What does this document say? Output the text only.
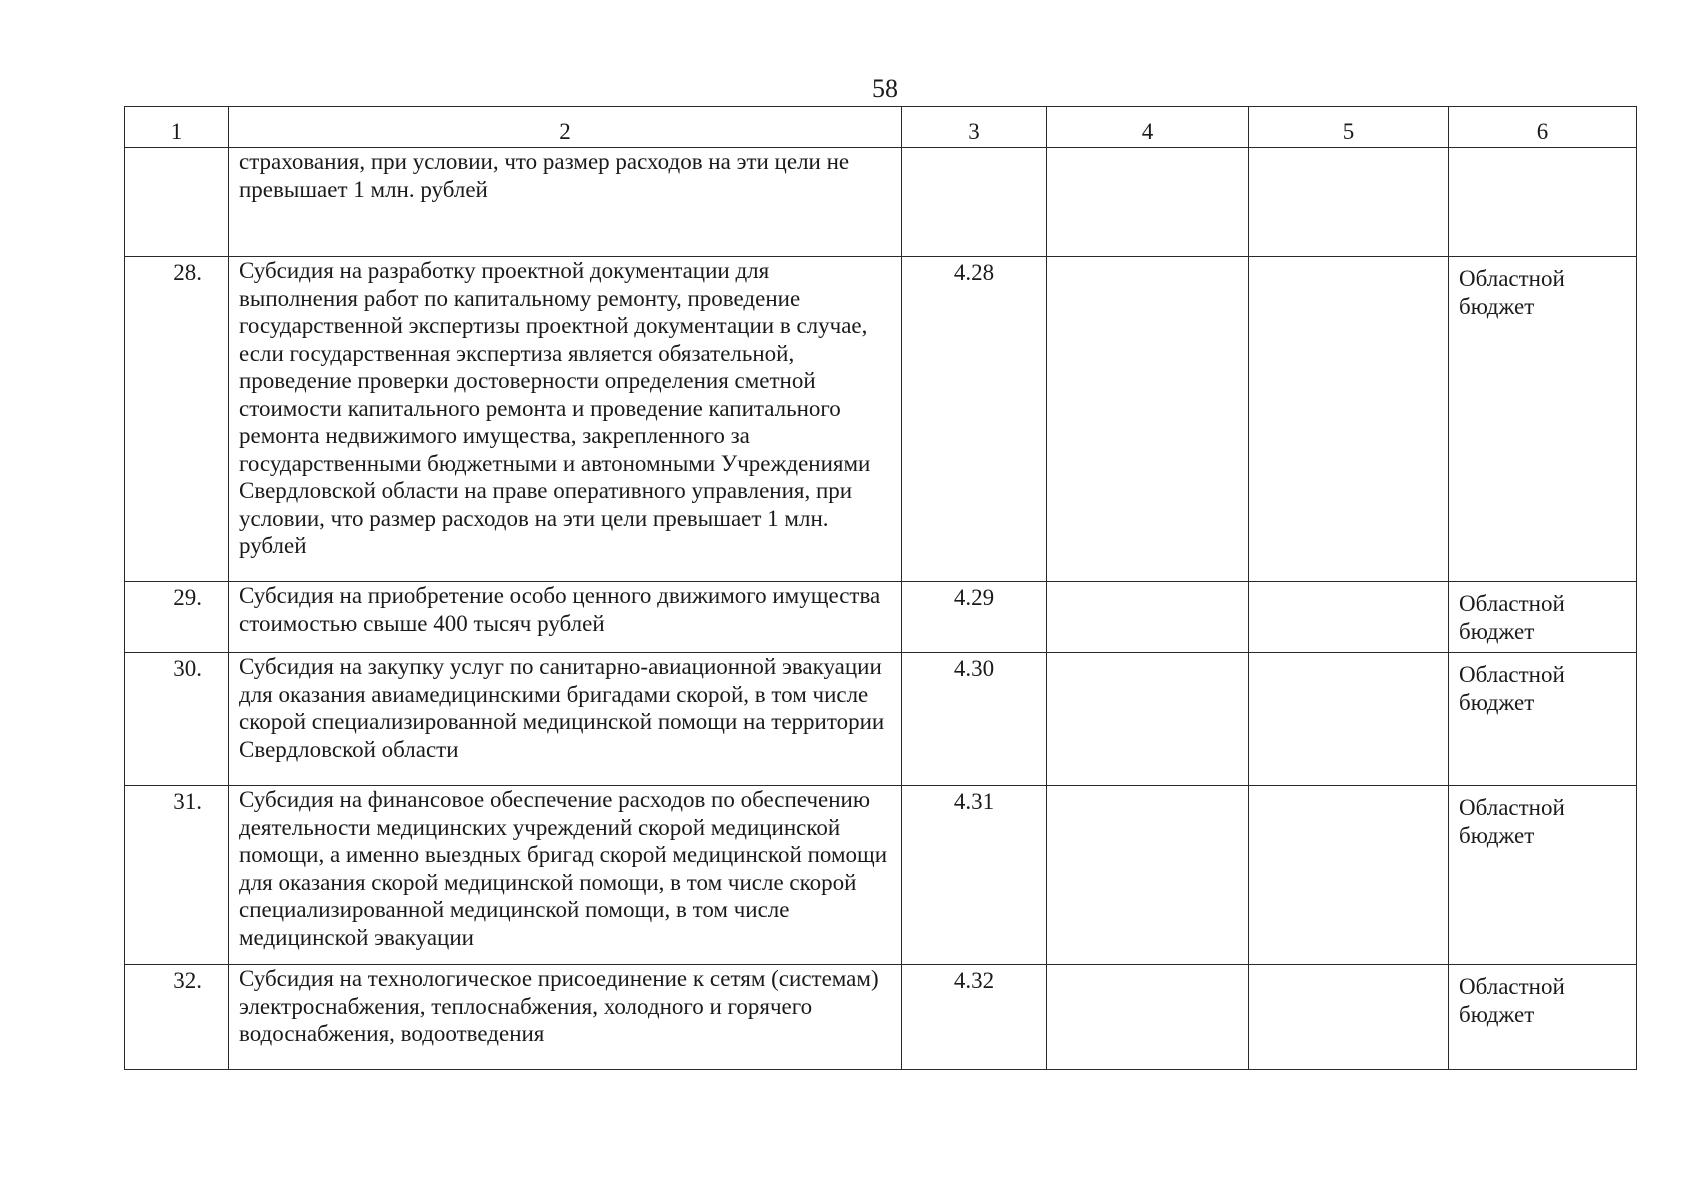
58
1	2	3	4	5	6
	страхования, при условии, что размер расходов на эти цели не превышает 1 млн. рублей				
28.	Субсидия на разработку проектной документации для выполнения работ по капитальному ремонту, проведение государственной экспертизы проектной документации в случае, если государственная экспертиза является обязательной, проведение проверки достоверности определения сметной стоимости капитального ремонта и проведение капитального ремонта недвижимого имущества, закрепленного за государственными бюджетными и автономными Учреждениями Свердловской области на праве оперативного управления, при условии, что размер расходов на эти цели превышает 1 млн. рублей	4.28			Областной бюджет
29.	Субсидия на приобретение особо ценного движимого имущества стоимостью свыше 400 тысяч рублей	4.29			Областной бюджет
30.	Субсидия на закупку услуг по санитарно-авиационной эвакуации для оказания авиамедицинскими бригадами скорой, в том числе скорой специализированной медицинской помощи на территории Свердловской области	4.30			Областной бюджет
31.	Субсидия на финансовое обеспечение расходов по обеспечению деятельности медицинских учреждений скорой медицинской помощи, а именно выездных бригад скорой медицинской помощи для оказания скорой медицинской помощи, в том числе скорой специализированной медицинской помощи, в том числе медицинской эвакуации	4.31			Областной бюджет
32.	Субсидия на технологическое присоединение к сетям (системам) электроснабжения, теплоснабжения, холодного и горячего водоснабжения, водоотведения	4.32			Областной бюджет
